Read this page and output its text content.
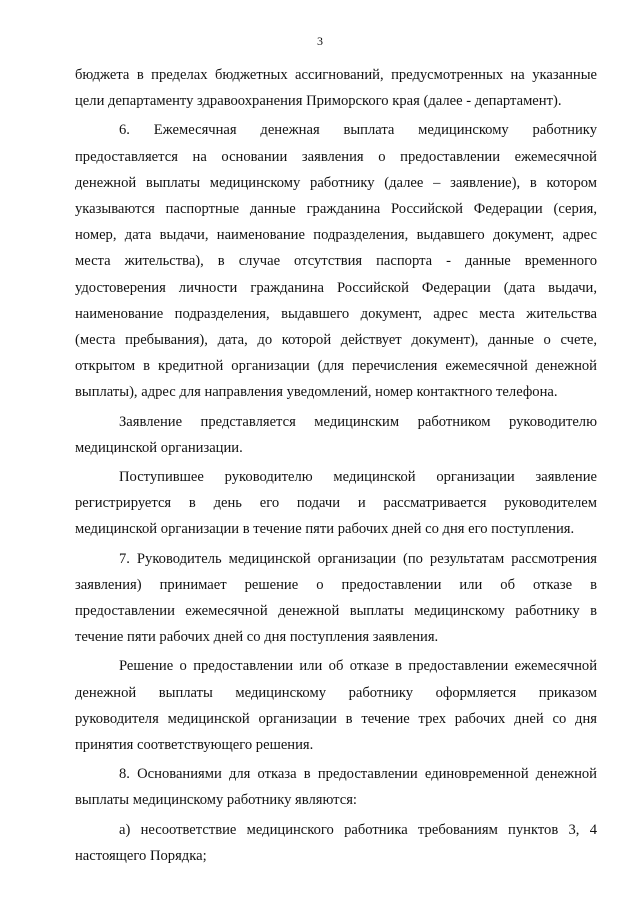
3

бюджета в пределах бюджетных ассигнований, предусмотренных на указанные
цели департаменту здравоохранения Приморского края (далее - департамент).

6. Ежемесячная денежная выплата медицинскому работнику
предоставляется на основании заявления о предоставлении ежемесячной
денежной выплаты медицинскому работнику (далее – заявление), в котором
указываются паспортные данные гражданина Российской Федерации (серия,
номер, дата выдачи, наименование подразделения, выдавшего документ, адрес
места жительства), в случае отсутствия паспорта - данные временного
удостоверения личности гражданина Российской Федерации (дата выдачи,
наименование подразделения, выдавшего документ, адрес места жительства
(места пребывания), дата, до которой действует документ), данные о счете,
открытом в кредитной организации (для перечисления ежемесячной денежной
выплаты), адрес для направления уведомлений, номер контактного телефона.

Заявление представляется медицинским работником руководителю
медицинской организации.

Поступившее руководителю медицинской организации заявление
регистрируется в день его подачи и рассматривается руководителем
медицинской организации в течение пяти рабочих дней со дня его поступления.

7. Руководитель медицинской организации (по результатам рассмотрения
заявления) принимает решение о предоставлении или об отказе в
предоставлении ежемесячной денежной выплаты медицинскому работнику в
течение пяти рабочих дней со дня поступления заявления.

Решение о предоставлении или об отказе в предоставлении ежемесячной
денежной выплаты медицинскому работнику оформляется приказом
руководителя медицинской организации в течение трех рабочих дней со дня
принятия соответствующего решения.

8. Основаниями для отказа в предоставлении единовременной денежной
выплаты медицинскому работнику являются:

а) несоответствие медицинского работника требованиям пунктов 3, 4
настоящего Порядка;
